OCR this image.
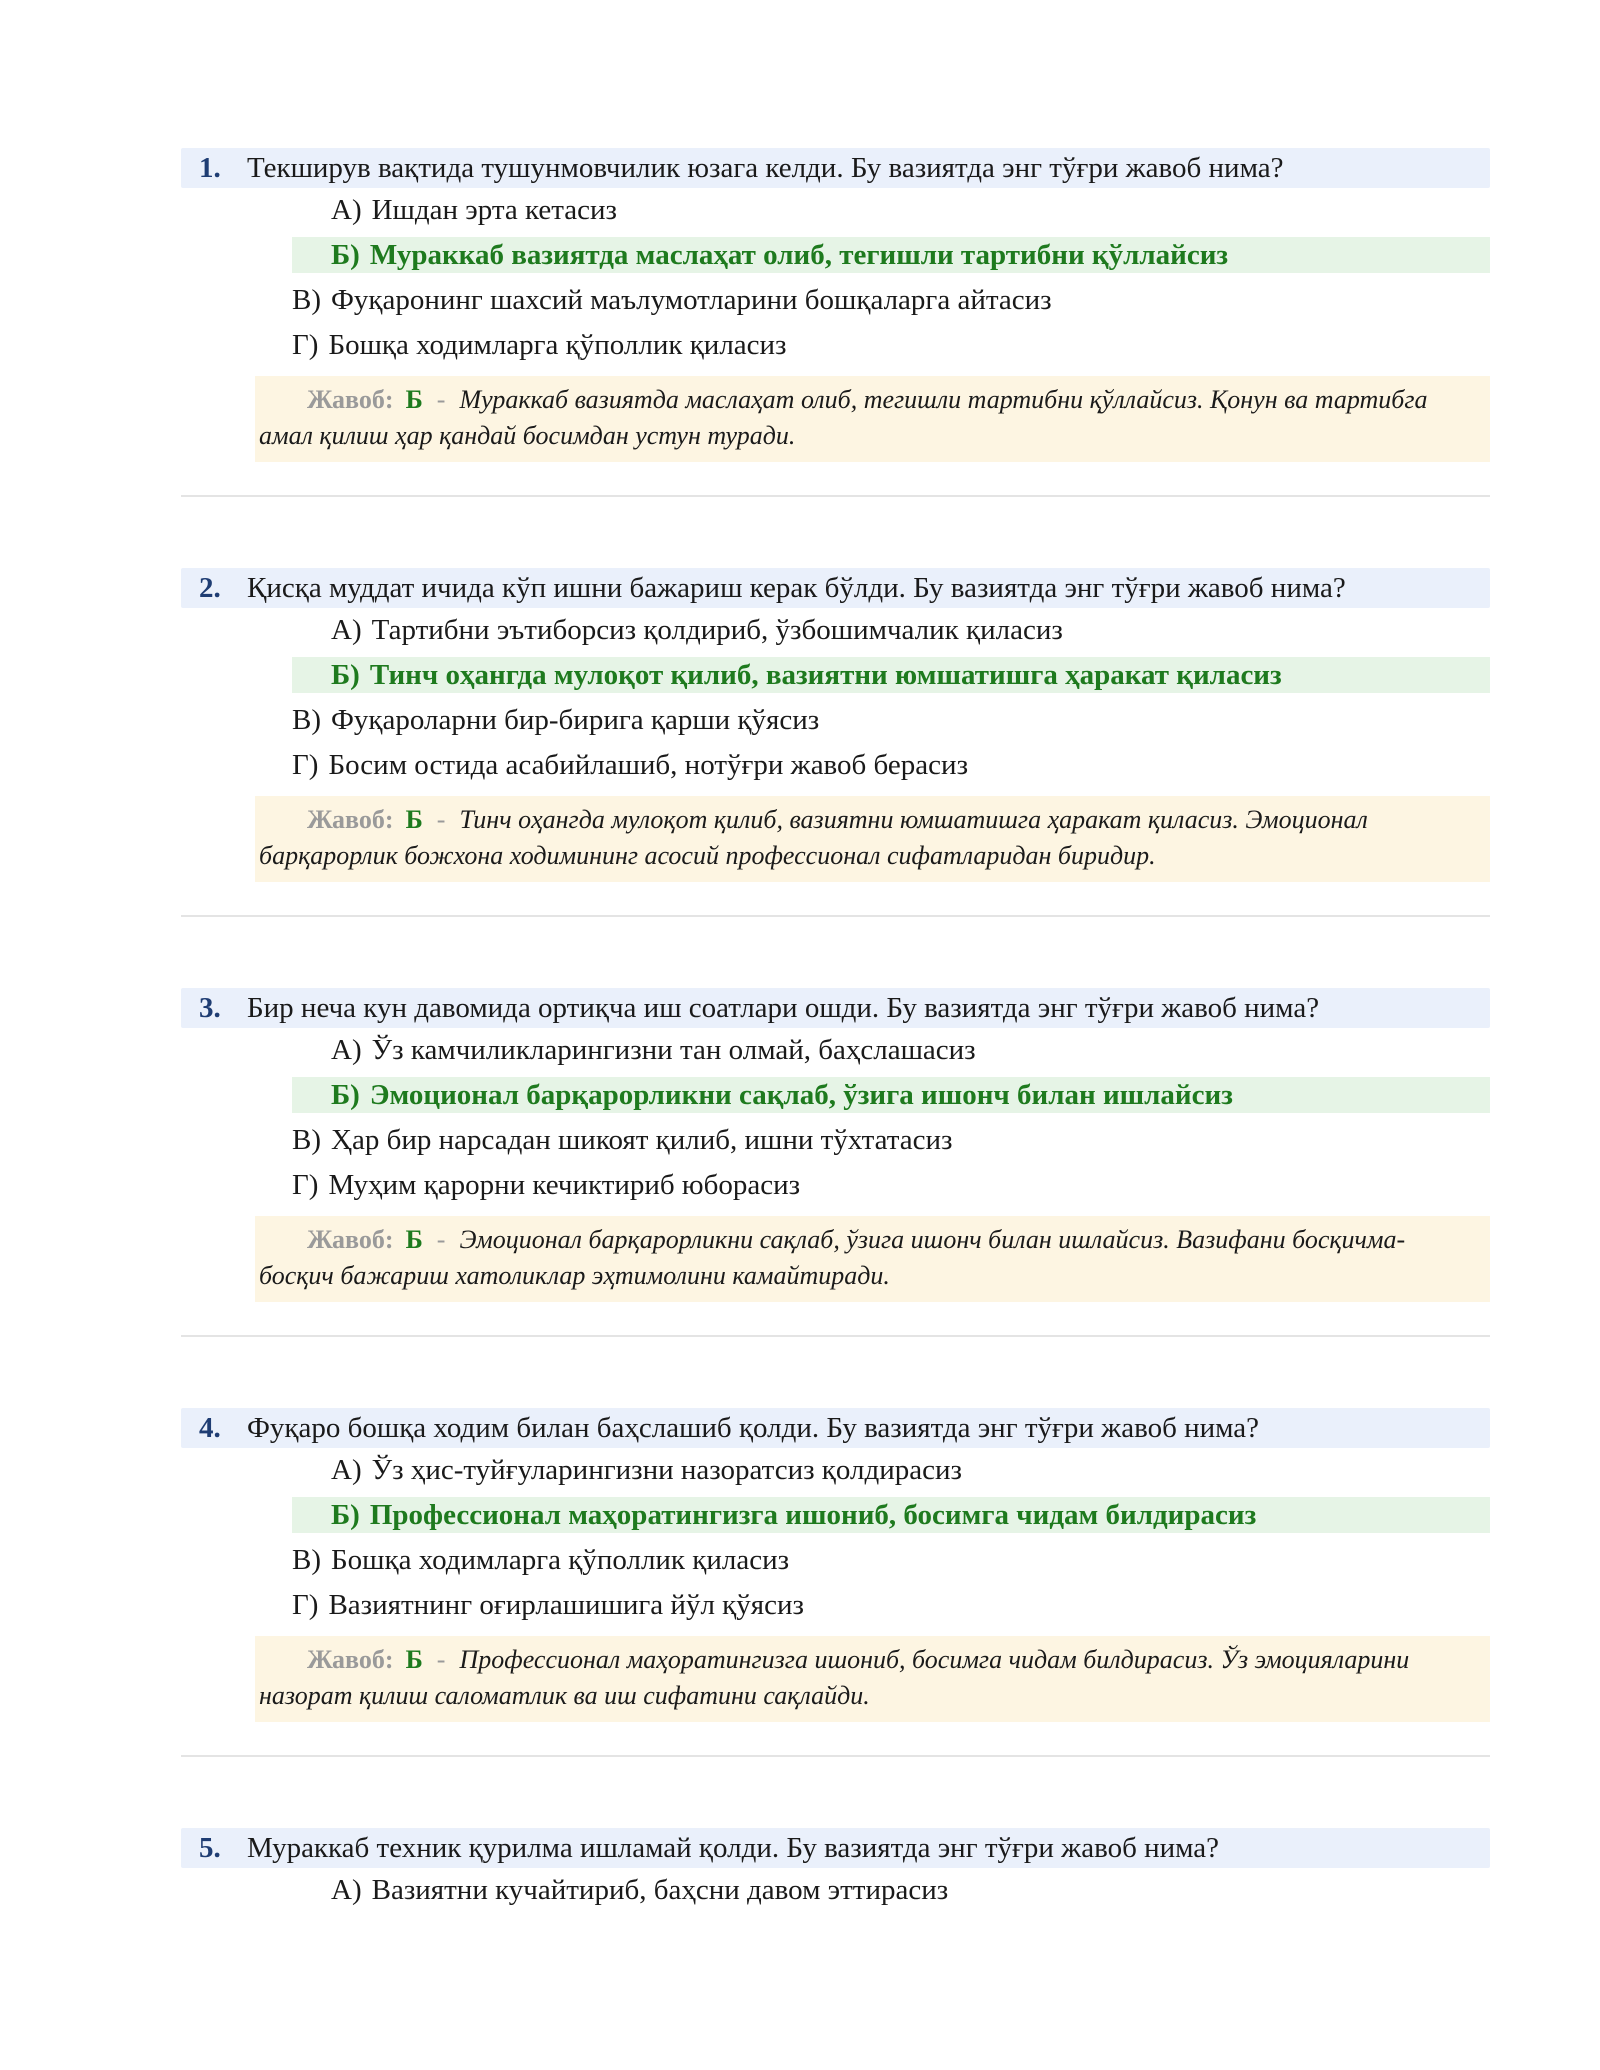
1. Текширув вақтида тушунмовчилик юзага келди. Бу вазиятда энг тўғри жавоб нима?
А) Ишдан эрта кетасиз
Б) Мураккаб вазиятда маслаҳат олиб, тегишли тартибни қўллайсиз
В) Фуқаронинг шахсий маълумотларини бошқаларга айтасиз
Г) Бошқа ходимларга қўполлик қиласиз
Жавоб: Б - Мураккаб вазиятда маслаҳат олиб, тегишли тартибни қўллайсиз. Қонун ва тартибга амал қилиш ҳар қандай босимдан устун туради.
2. Қисқа муддат ичида кўп ишни бажариш керак бўлди. Бу вазиятда энг тўғри жавоб нима?
А) Тартибни эътиборсиз қолдириб, ўзбошимчалик қиласиз
Б) Тинч оҳангда мулоқот қилиб, вазиятни юмшатишга ҳаракат қиласиз
В) Фуқароларни бир-бирига қарши қўясиз
Г) Босим остида асабийлашиб, нотўғри жавоб берасиз
Жавоб: Б - Тинч оҳангда мулоқот қилиб, вазиятни юмшатишга ҳаракат қиласиз. Эмоционал барқарорлик божхона ходимининг асосий профессионал сифатларидан биридир.
3. Бир неча кун давомида ортиқча иш соатлари ошди. Бу вазиятда энг тўғри жавоб нима?
А) Ўз камчиликларингизни тан олмай, баҳслашасиз
Б) Эмоционал барқарорликни сақлаб, ўзига ишонч билан ишлайсиз
В) Ҳар бир нарсадан шикоят қилиб, ишни тўхтатасиз
Г) Муҳим қарорни кечиктириб юборасиз
Жавоб: Б - Эмоционал барқарорликни сақлаб, ўзига ишонч билан ишлайсиз. Вазифани босқичма-босқич бажариш хатоликлар эҳтимолини камайтиради.
4. Фуқаро бошқа ходим билан баҳслашиб қолди. Бу вазиятда энг тўғри жавоб нима?
А) Ўз ҳис-туйғуларингизни назоратсиз қолдирасиз
Б) Профессионал маҳоратингизга ишониб, босимга чидам билдирасиз
В) Бошқа ходимларга қўполлик қиласиз
Г) Вазиятнинг оғирлашишига йўл қўясиз
Жавоб: Б - Профессионал маҳоратингизга ишониб, босимга чидам билдирасиз. Ўз эмоцияларини назорат қилиш саломатлик ва иш сифатини сақлайди.
5. Мураккаб техник қурилма ишламай қолди. Бу вазиятда энг тўғри жавоб нима?
А) Вазиятни кучайтириб, баҳсни давом эттирасиз
